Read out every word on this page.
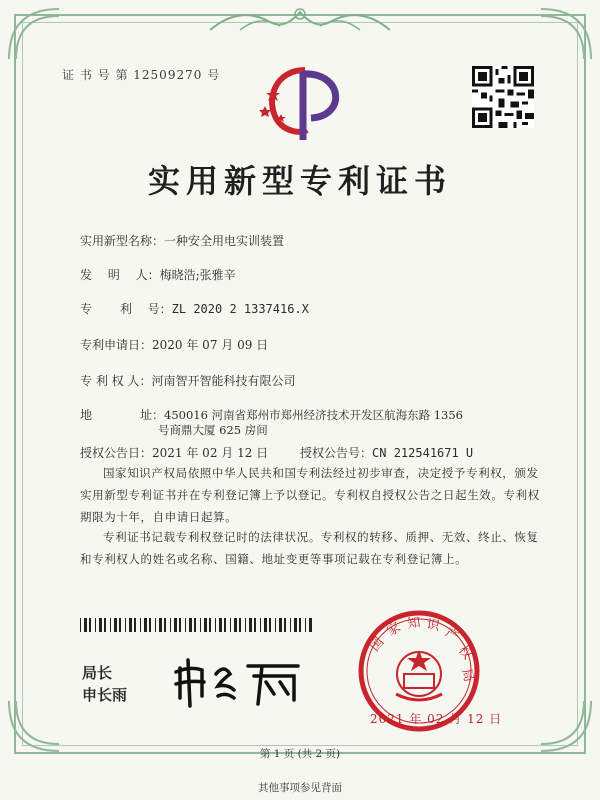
证 书 号 第 12509270 号
实用新型专利证书
实用新型名称：一种安全用电实训装置
发　 明　 人：梅晓浩;张雅辛
专　　 利　 号：ZL 2020 2 1337416.X
专利申请日：2020 年 07 月 09 日
专 利 权 人：河南智开智能科技有限公司
地　　　　址：450016 河南省郑州市郑州经济技术开发区航海东路 1356
号商鼎大厦 625 房间
授权公告日：2021 年 02 月 12 日	授权公告号：CN 212541671 U
国家知识产权局依照中华人民共和国专利法经过初步审查，决定授予专利权，颁发实用新型专利证书并在专利登记簿上予以登记。专利权自授权公告之日起生效。专利权期限为十年，自申请日起算。
专利证书记载专利权登记时的法律状况。专利权的转移、质押、无效、终止、恢复和专利权人的姓名或名称、国籍、地址变更等事项记载在专利登记簿上。
局长
申长雨
国
家 知 识 产
权
局
2021 年 02 月 12 日
第 1 页 (共 2 页)
其他事项参见背面
